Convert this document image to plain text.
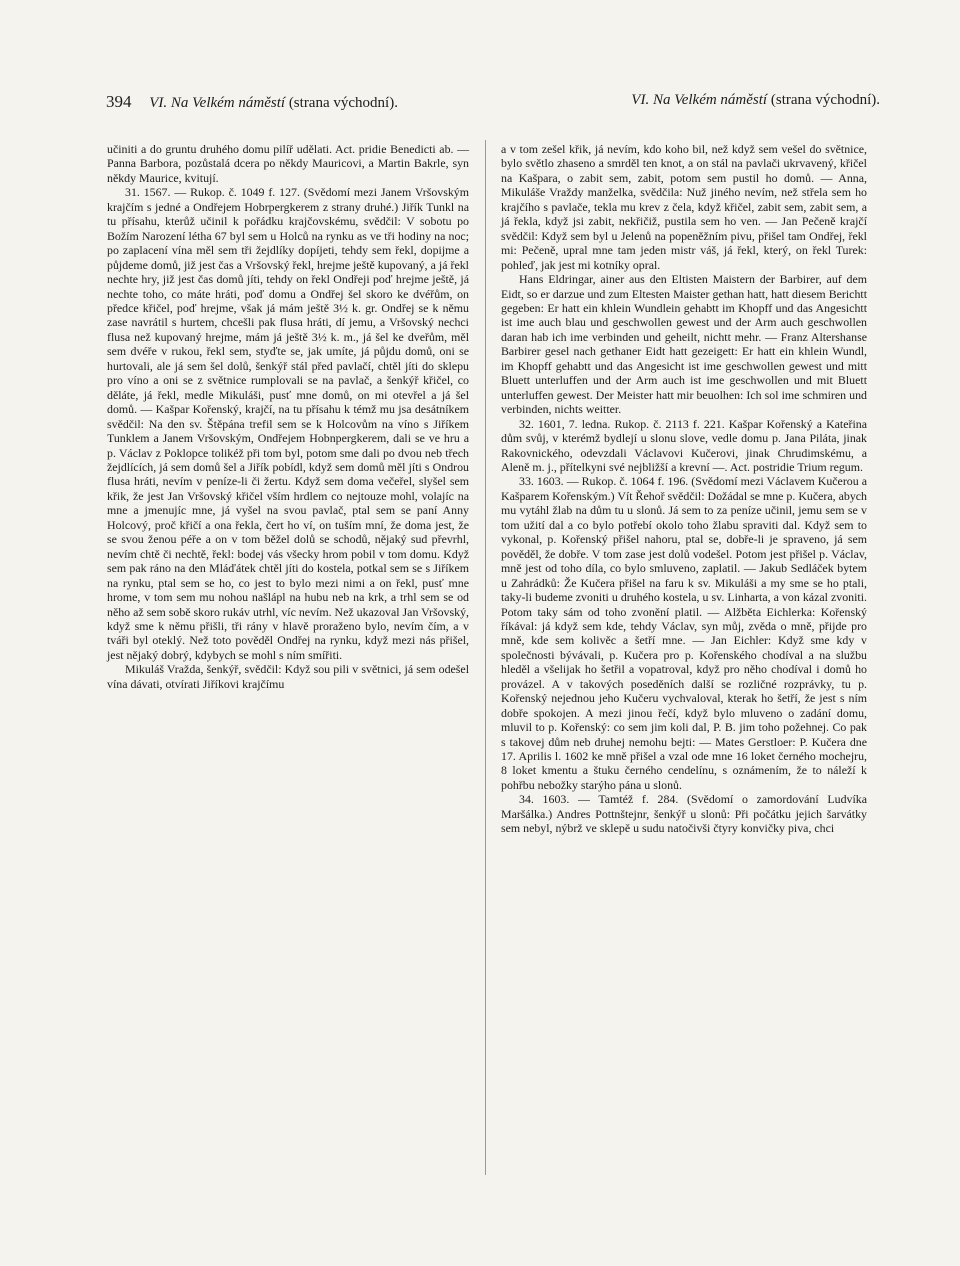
394 VI. Na Velkém náměstí (strana východní).	VI. Na Velkém náměstí (strana východní).

učiniti a do gruntu druhého domu pilíř udělati. Act. pridie Benedicti ab. — Panna Barbora, pozůstalá dcera po někdy Mauricovi, a Martin Bakrle, syn někdy Maurice, kvitují.

31. 1567. — Rukop. č. 1049 f. 127. (Svědomí mezi Janem Vršovským krajčím s jedné a Ondřejem Hobrpergkerem z strany druhé.) Jiřík Tunkl na tu přísahu, kterůž učinil k pořádku krajčovskému, svědčil: V sobotu po Božím Narození létha 67 byl sem u Holců na rynku as ve tři hodiny na noc; po zaplacení vína měl sem tři žejdlíky dopíjeti, tehdy sem řekl, dopijme a půjdeme domů, již jest čas a Vršovský řekl, hrejme ještě kupovaný, a já řekl nechte hry, již jest čas domů jíti, tehdy on řekl Ondřeji poď hrejme ještě, já nechte toho, co máte hráti, poď domu a Ondřej šel skoro ke dvéřům, on předce křičel, poď hrejme, však já mám ještě 3½ k. gr. Ondřej se k němu zase navrátil s hurtem, chcešli pak flusa hráti, dí jemu, a Vršovský nechci flusa než kupovaný hrejme, mám já ještě 3½ k. m., já šel ke dveřům, měl sem dvéře v rukou, řekl sem, styďte se, jak umíte, já půjdu domů, oni se hurtovali, ale já sem šel dolů, šenkýř stál před pavlačí, chtěl jíti do sklepu pro víno a oni se z světnice rumplovali se na pavlač, a šenkýř křičel, co děláte, já řekl, medle Mikuláši, pusť mne domů, on mi otevřel a já šel domů. — Kašpar Kořenský, krajčí, na tu přísahu k témž mu jsa desátníkem svědčil: Na den sv. Štěpána trefil sem se k Holcovům na víno s Jiříkem Tunklem a Janem Vršovským, Ondřejem Hobnpergkerem, dali se ve hru a p. Václav z Poklopce tolikéž při tom byl, potom sme dali po dvou neb třech žejdlících, já sem domů šel a Jiřík pobídl, když sem domů měl jíti s Ondrou flusa hráti, nevím v peníze-li či žertu. Když sem doma večeřel, slyšel sem křik, že jest Jan Vršovský křičel vším hrdlem co nejtouze mohl, volajíc na mne a jmenujíc mne, já vyšel na svou pavlač, ptal sem se paní Anny Holcový, proč křičí a ona řekla, čert ho ví, on tuším mní, že doma jest, že se svou ženou péře a on v tom běžel dolů se schodů, nějaký sud převrhl, nevím chtě či nechtě, řekl: bodej vás všecky hrom pobil v tom domu. Když sem pak ráno na den Mláďátek chtěl jíti do kostela, potkal sem se s Jiříkem na rynku, ptal sem se ho, co jest to bylo mezi nimi a on řekl, pusť mne hrome, v tom sem mu nohou našlápl na hubu neb na krk, a trhl sem se od něho až sem sobě skoro rukáv utrhl, víc nevím. Než ukazoval Jan Vršovský, když sme k němu přišli, tři rány v hlavě proraženo bylo, nevím čím, a v tváři byl oteklý. Než toto pověděl Ondřej na rynku, když mezi nás přišel, jest nějaký dobrý, kdybych se mohl s ním smířiti.

Mikuláš Vražda, šenkýř, svědčil: Když sou pili v světnici, já sem odešel vína dávati, otvírati Jiříkovi krajčímu

a v tom zešel křik, já nevím, kdo koho bil, než když sem vešel do světnice, bylo světlo zhaseno a smrděl ten knot, a on stál na pavlači ukrvavený, křičel na Kašpara, o zabit sem, zabit, potom sem pustil ho domů. — Anna, Mikuláše Vraždy manželka, svědčila: Nuž jiného nevím, než střela sem ho krajčího s pavlače, tekla mu krev z čela, když křičel, zabit sem, zabit sem, a já řekla, když jsi zabit, nekřičiž, pustila sem ho ven. — Jan Pečeně krajčí svědčil: Když sem byl u Jelenů na popeněžním pivu, přišel tam Ondřej, řekl mi: Pečeně, upral mne tam jeden mistr váš, já řekl, který, on řekl Turek: pohleď, jak jest mi kotníky opral.

Hans Eldringar, ainer aus den Eltisten Maistern der Barbirer, auf dem Eidt, so er darzue und zum Eltesten Maister gethan hatt, hatt diesem Berichtt gegeben: Er hatt ein khlein Wundlein gehabtt im Khopff und das Angesichtt ist ime auch blau und geschwollen gewest und der Arm auch geschwollen daran hab ich ime verbinden und geheilt, nichtt mehr. — Franz Altershanse Barbirer gesel nach gethaner Eidt hatt gezeigett: Er hatt ein khlein Wundl, im Khopff gehabtt und das Angesicht ist ime geschwollen gewest und mitt Bluett unterluffen und der Arm auch ist ime geschwollen und mit Bluett unterluffen gewest. Der Meister hatt mir beuolhen: Ich sol ime schmiren und verbinden, nichts weitter.

32. 1601, 7. ledna. Rukop. č. 2113 f. 221. Kašpar Kořenský a Kateřina dům svůj, v kterémž bydlejí u slonu slove, vedle domu p. Jana Piláta, jinak Rakovnického, odevzdali Václavovi Kučerovi, jinak Chrudimskému, a Aleně m. j., přítelkyni své nejbližší a krevní —. Act. postridie Trium regum.

33. 1603. — Rukop. č. 1064 f. 196. (Svědomí mezi Václavem Kučerou a Kašparem Kořenským.) Vít Řehoř svědčil: Dožádal se mne p. Kučera, abych mu vytáhl žlab na dům tu u slonů. Já sem to za peníze učinil, jemu sem se v tom užití dal a co bylo potřebí okolo toho žlabu spraviti dal. Když sem to vykonal, p. Kořenský přišel nahoru, ptal se, dobře-li je spraveno, já sem pověděl, že dobře. V tom zase jest dolů vodešel. Potom jest přišel p. Václav, mně jest od toho díla, co bylo smluveno, zaplatil. — Jakub Sedláček bytem u Zahrádků: Že Kučera přišel na faru k sv. Mikuláši a my sme se ho ptali, taky-li budeme zvoniti u druhého kostela, u sv. Linharta, a von kázal zvoniti. Potom taky sám od toho zvonění platil. — Alžběta Eichlerka: Kořenský říkával: já když sem kde, tehdy Václav, syn můj, zvěda o mně, přijde pro mně, kde sem kolivěc a šetří mne. — Jan Eichler: Když sme kdy v společnosti bývávali, p. Kučera pro p. Kořenského chodíval a na službu hleděl a všelijak ho šetřil a vopatroval, když pro něho chodíval i domů ho provázel. A v takových poseděních další se rozličné rozprávky, tu p. Kořenský nejednou jeho Kučeru vychvaloval, kterak ho šetří, že jest s ním dobře spokojen. A mezi jinou řečí, když bylo mluveno o zadání domu, mluvil to p. Kořenský: co sem jim koli dal, P. B. jim toho požehnej. Co pak s takovej dům neb druhej nemohu bejti: — Mates Gerstloer: P. Kučera dne 17. Aprilis l. 1602 ke mně přišel a vzal ode mne 16 loket černého mochejru, 8 loket kmentu a štuku černého cendelínu, s oznámením, že to náleží k pohřbu nebožky starýho pána u slonů.

34. 1603. — Tamtéž f. 284. (Svědomí o zamordování Ludvíka Maršálka.) Andres Pottnštejnr, šenkýř u slonů: Při počátku jejich šarvátky sem nebyl, nýbrž ve sklepě u sudu natočivši čtyry konvičky piva, chci
